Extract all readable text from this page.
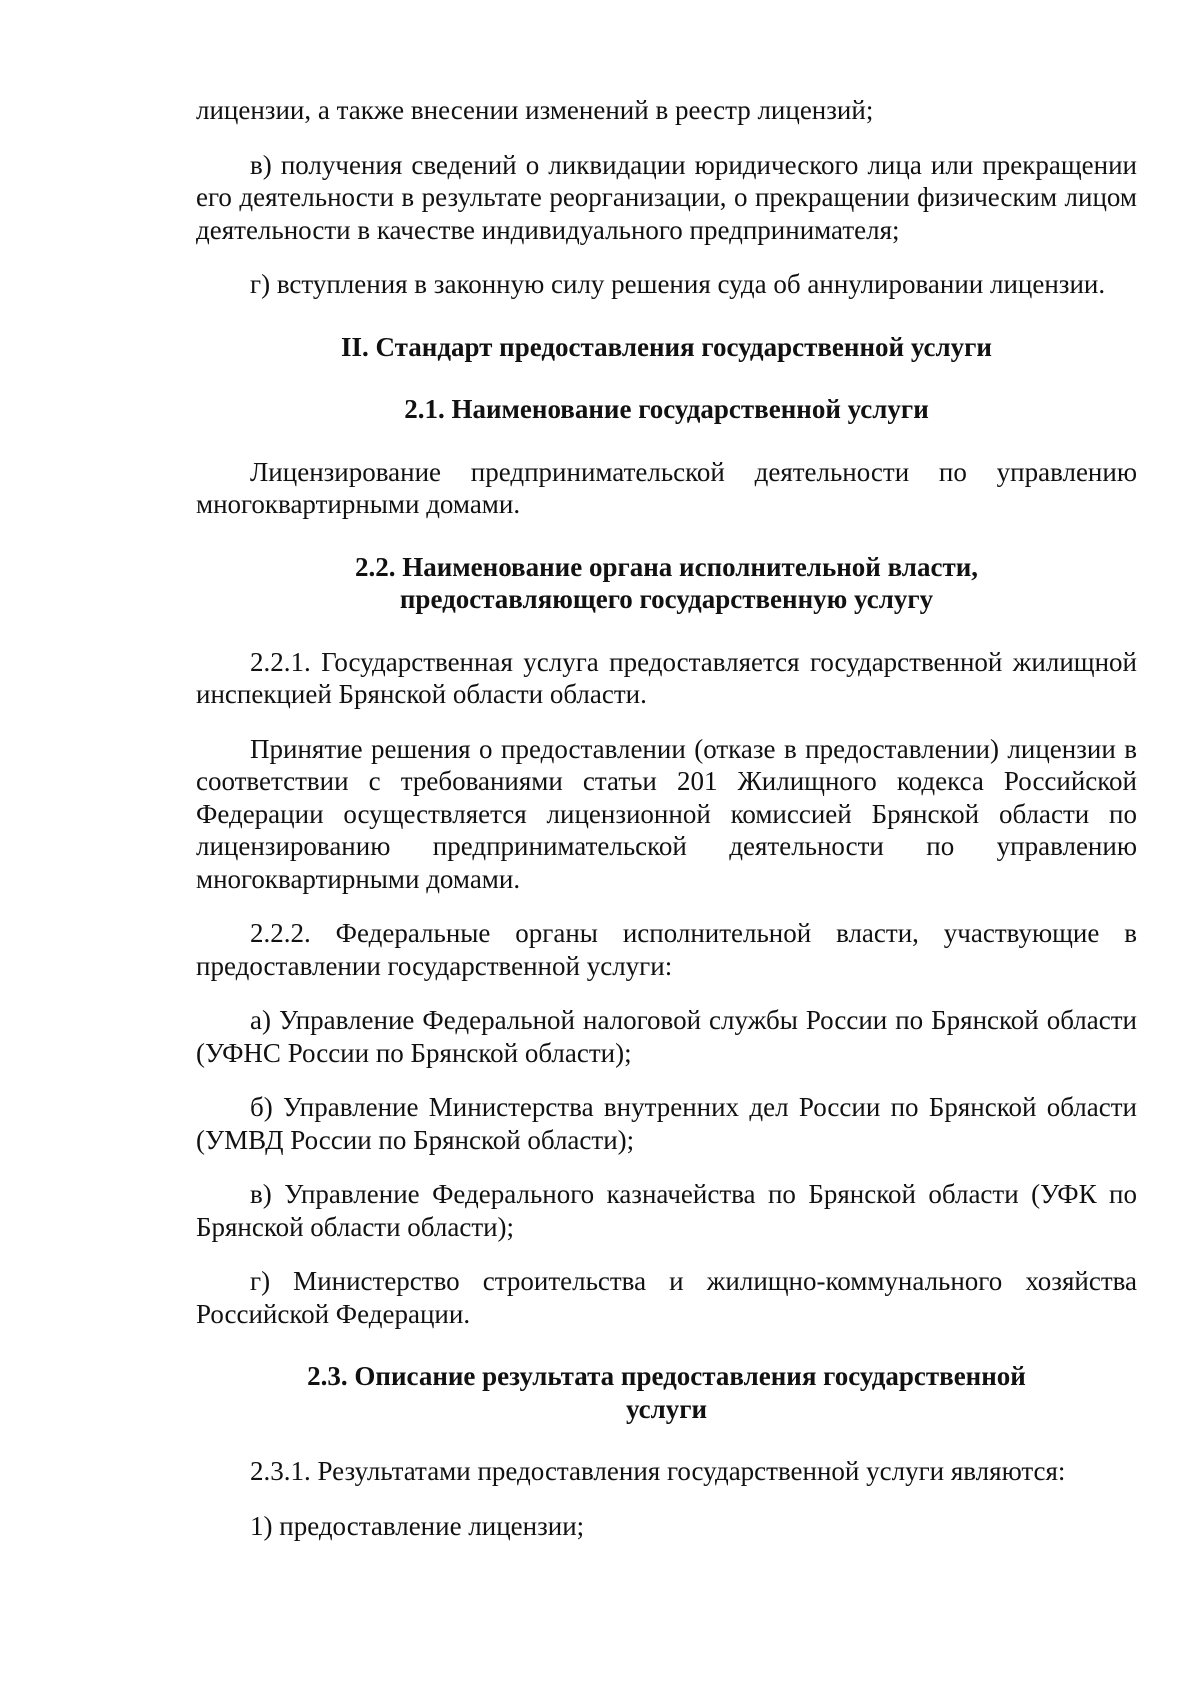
лицензии, а также внесении изменений в реестр лицензий;

в) получения сведений о ликвидации юридического лица или прекращении его деятельности в результате реорганизации, о прекращении физическим лицом деятельности в качестве индивидуального предпринимателя;

г) вступления в законную силу решения суда об аннулировании лицензии.

II. Стандарт предоставления государственной услуги

2.1. Наименование государственной услуги

Лицензирование предпринимательской деятельности по управлению многоквартирными домами.

2.2. Наименование органа исполнительной власти,

предоставляющего государственную услугу

2.2.1. Государственная услуга предоставляется государственной жилищной инспекцией Брянской области области.

Принятие решения о предоставлении (отказе в предоставлении) лицензии в соответствии с требованиями статьи 201 Жилищного кодекса Российской Федерации осуществляется лицензионной комиссией Брянской области по лицензированию предпринимательской деятельности по управлению многоквартирными домами.

2.2.2. Федеральные органы исполнительной власти, участвующие в предоставлении государственной услуги:

а) Управление Федеральной налоговой службы России по Брянской области (УФНС России по Брянской области);

б) Управление Министерства внутренних дел России по Брянской области (УМВД России по Брянской области);

в) Управление Федерального казначейства по Брянской области (УФК по Брянской области области);

г) Министерство строительства и жилищно-коммунального хозяйства Российской Федерации.

2.3. Описание результата предоставления государственной

услуги

2.3.1. Результатами предоставления государственной услуги являются:

1) предоставление лицензии;
